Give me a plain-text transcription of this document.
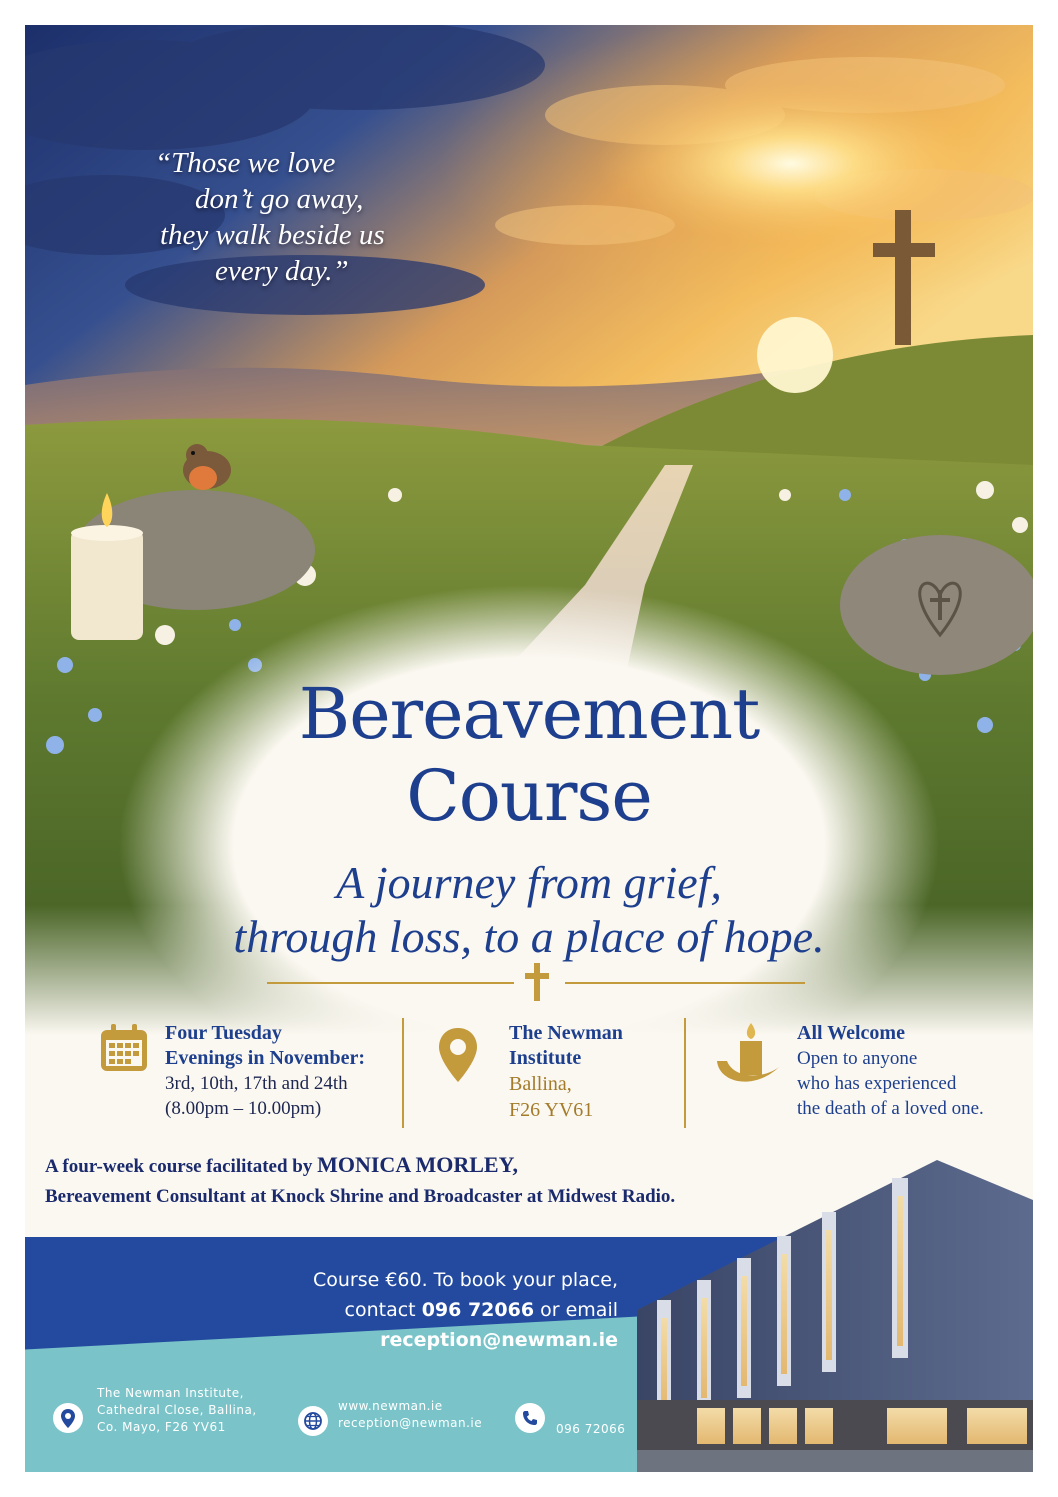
“Those we love
don’t go away,
they walk beside us
every day.”
Bereavement
Course
A journey from grief,
through loss, to a place of hope.
Four Tuesday
Evenings in November:
3rd, 10th, 17th and 24th
(8.00pm – 10.00pm)
The Newman
Institute
Ballina,
F26 YV61
All Welcome
Open to anyone
who has experienced
the death of a loved one.
A four-week course facilitated by MONICA MORLEY,
Bereavement Consultant at Knock Shrine and Broadcaster at Midwest Radio.
Course €60. To book your place,
contact 096 72066 or email
reception@newman.ie
The Newman Institute,
Cathedral Close, Ballina,
Co. Mayo, F26 YV61
www.newman.ie
reception@newman.ie	096 72066
